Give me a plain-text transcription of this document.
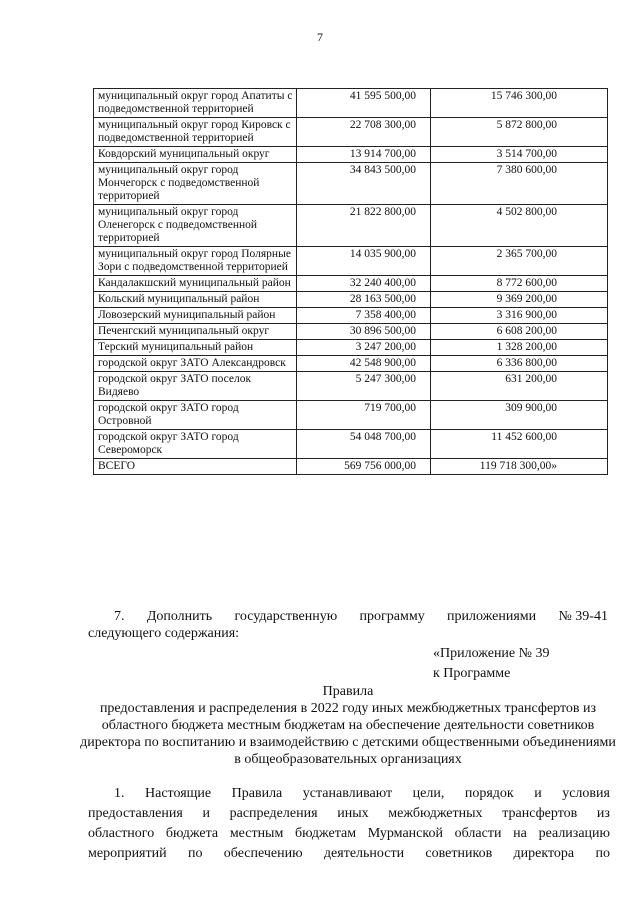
7
муниципальный округ город Апатиты с подведомственной территорией	41 595 500,00	15 746 300,00
муниципальный округ город Кировск с подведомственной территорией	22 708 300,00	5 872 800,00
Ковдорский муниципальный округ	13 914 700,00	3 514 700,00
муниципальный округ город Мончегорск с подведомственной территорией	34 843 500,00	7 380 600,00
муниципальный округ город Оленегорск с подведомственной территорией	21 822 800,00	4 502 800,00
муниципальный округ город Полярные Зори с подведомственной территорией	14 035 900,00	2 365 700,00
Кандалакшский муниципальный район	32 240 400,00	8 772 600,00
Кольский муниципальный район	28 163 500,00	9 369 200,00
Ловозерский муниципальный район	7 358 400,00	3 316 900,00
Печенгский муниципальный округ	30 896 500,00	6 608 200,00
Терский муниципальный район	3 247 200,00	1 328 200,00
городской округ ЗАТО Александровск	42 548 900,00	6 336 800,00
городской округ ЗАТО поселок Видяево	5 247 300,00	631 200,00
городской округ ЗАТО город Островной	719 700,00	309 900,00
городской округ ЗАТО город Североморск	54 048 700,00	11 452 600,00
ВСЕГО	569 756 000,00	119 718 300,00»
7. Дополнить государственную программу приложениями № 39-41
следующего содержания:
«Приложение № 39
к Программе
Правила
предоставления и распределения в 2022 году иных межбюджетных трансфертов из областного бюджета местным бюджетам на обеспечение деятельности советников директора по воспитанию и взаимодействию с детскими общественными объединениями в общеобразовательных организациях
1. Настоящие Правила устанавливают цели, порядок и условия
предоставления и распределения иных межбюджетных трансфертов из
областного бюджета местным бюджетам Мурманской области на реализацию
мероприятий по обеспечению деятельности советников директора по
